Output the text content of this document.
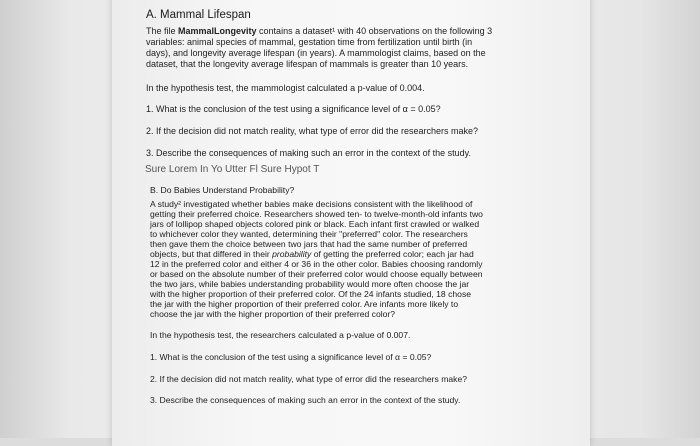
A. Mammal Lifespan
The file MammalLongevity contains a dataset¹ with 40 observations on the following 3
variables: animal species of mammal, gestation time from fertilization until birth (in
days), and longevity average lifespan (in years). A mammologist claims, based on the
dataset, that the longevity average lifespan of mammals is greater than 10 years.
In the hypothesis test, the mammologist calculated a p-value of 0.004.
1. What is the conclusion of the test using a significance level of α = 0.05?
2. If the decision did not match reality, what type of error did the researchers make?
3. Describe the consequences of making such an error in the context of the study.
Sure Lorem In Yo Utter Fl Sure Hypot T
B. Do Babies Understand Probability?
A study² investigated whether babies make decisions consistent with the likelihood of
getting their preferred choice. Researchers showed ten- to twelve-month-old infants two
jars of lollipop shaped objects colored pink or black. Each infant first crawled or walked
to whichever color they wanted, determining their "preferred" color. The researchers
then gave them the choice between two jars that had the same number of preferred
objects, but that differed in their probability of getting the preferred color; each jar had
12 in the preferred color and either 4 or 36 in the other color. Babies choosing randomly
or based on the absolute number of their preferred color would choose equally between
the two jars, while babies understanding probability would more often choose the jar
with the higher proportion of their preferred color. Of the 24 infants studied, 18 chose
the jar with the higher proportion of their preferred color. Are infants more likely to
choose the jar with the higher proportion of their preferred color?
In the hypothesis test, the researchers calculated a p-value of 0.007.
1. What is the conclusion of the test using a significance level of α = 0.05?
2. If the decision did not match reality, what type of error did the researchers make?
3. Describe the consequences of making such an error in the context of the study.
